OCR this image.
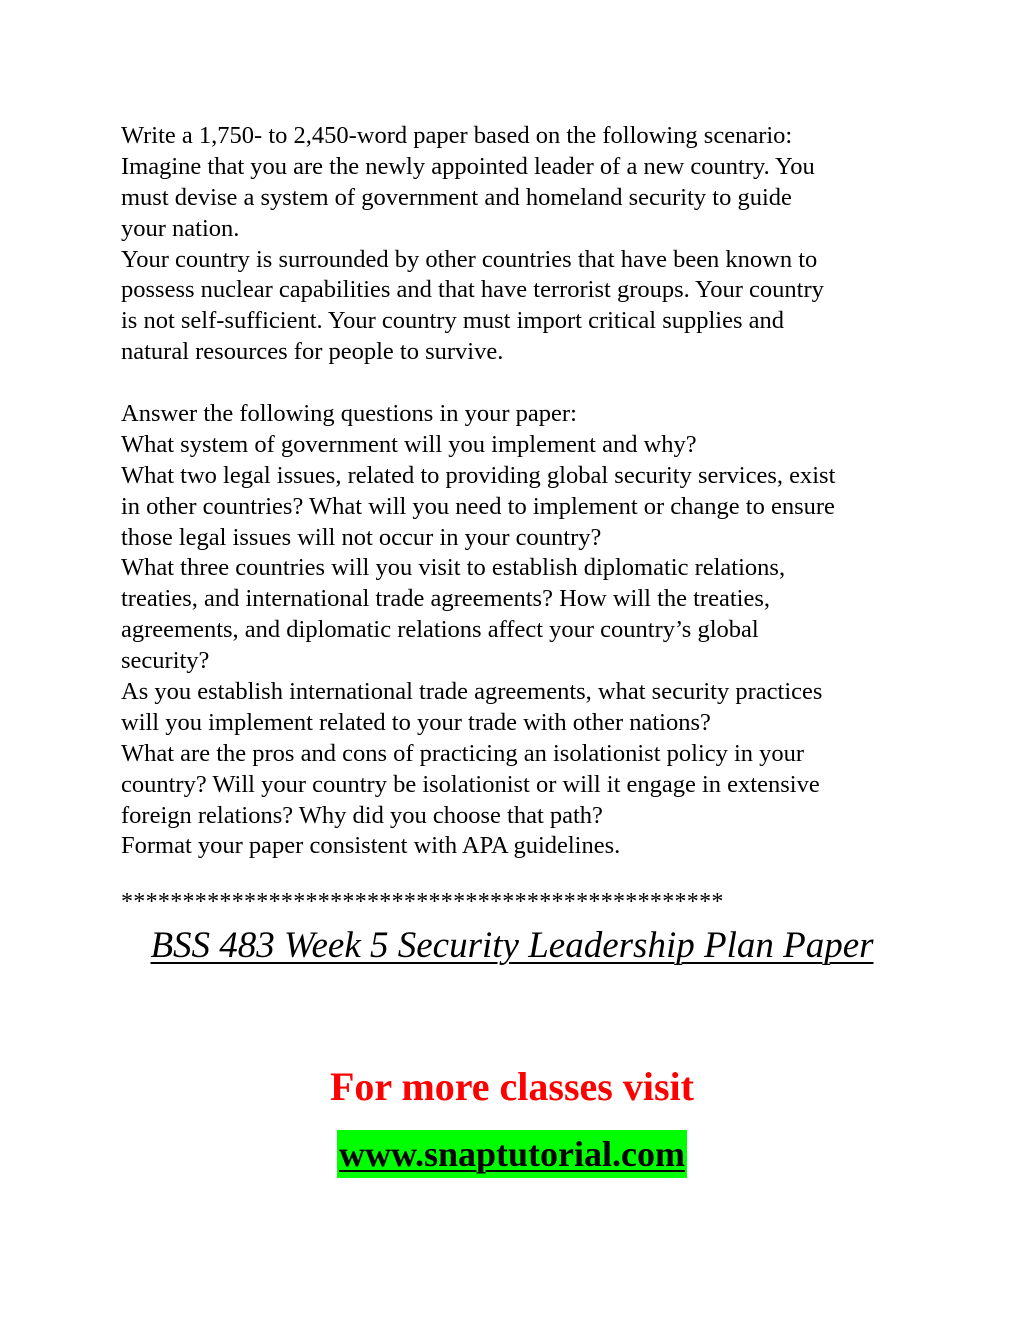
Write a 1,750- to 2,450-word paper based on the following scenario:
Imagine that you are the newly appointed leader of a new country. You
must devise a system of government and homeland security to guide
your nation.
Your country is surrounded by other countries that have been known to
possess nuclear capabilities and that have terrorist groups. Your country
is not self-sufficient. Your country must import critical supplies and
natural resources for people to survive.
Answer the following questions in your paper:
What system of government will you implement and why?
What two legal issues, related to providing global security services, exist
in other countries? What will you need to implement or change to ensure
those legal issues will not occur in your country?
What three countries will you visit to establish diplomatic relations,
treaties, and international trade agreements? How will the treaties,
agreements, and diplomatic relations affect your country’s global
security?
As you establish international trade agreements, what security practices
will you implement related to your trade with other nations?
What are the pros and cons of practicing an isolationist policy in your
country? Will your country be isolationist or will it engage in extensive
foreign relations? Why did you choose that path?
Format your paper consistent with APA guidelines.
*************************************************
BSS 483 Week 5 Security Leadership Plan Paper
For more classes visit
www.snaptutorial.com
